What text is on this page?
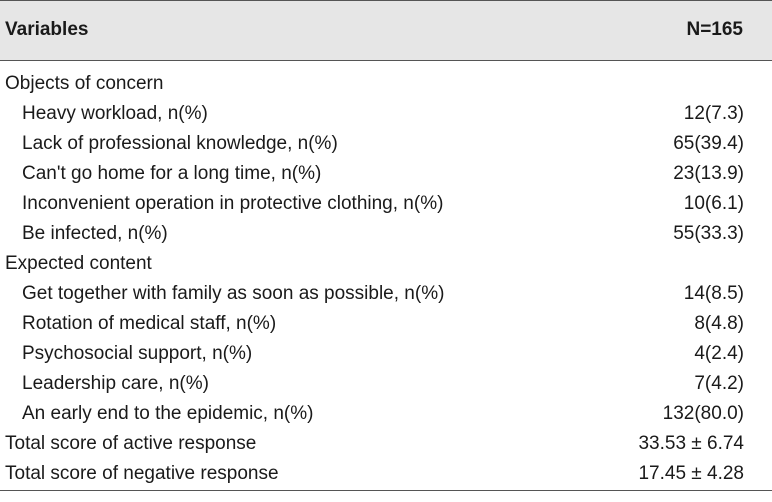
Variables	N=165
Objects of concern
Heavy workload, n(%)	12(7.3)
Lack of professional knowledge, n(%)	65(39.4)
Can't go home for a long time, n(%)	23(13.9)
Inconvenient operation in protective clothing, n(%)	10(6.1)
Be infected, n(%)	55(33.3)
Expected content
Get together with family as soon as possible, n(%)	14(8.5)
Rotation of medical staff, n(%)	8(4.8)
Psychosocial support, n(%)	4(2.4)
Leadership care, n(%)	7(4.2)
An early end to the epidemic, n(%)	132(80.0)
Total score of active response	33.53 ± 6.74
Total score of negative response	17.45 ± 4.28
